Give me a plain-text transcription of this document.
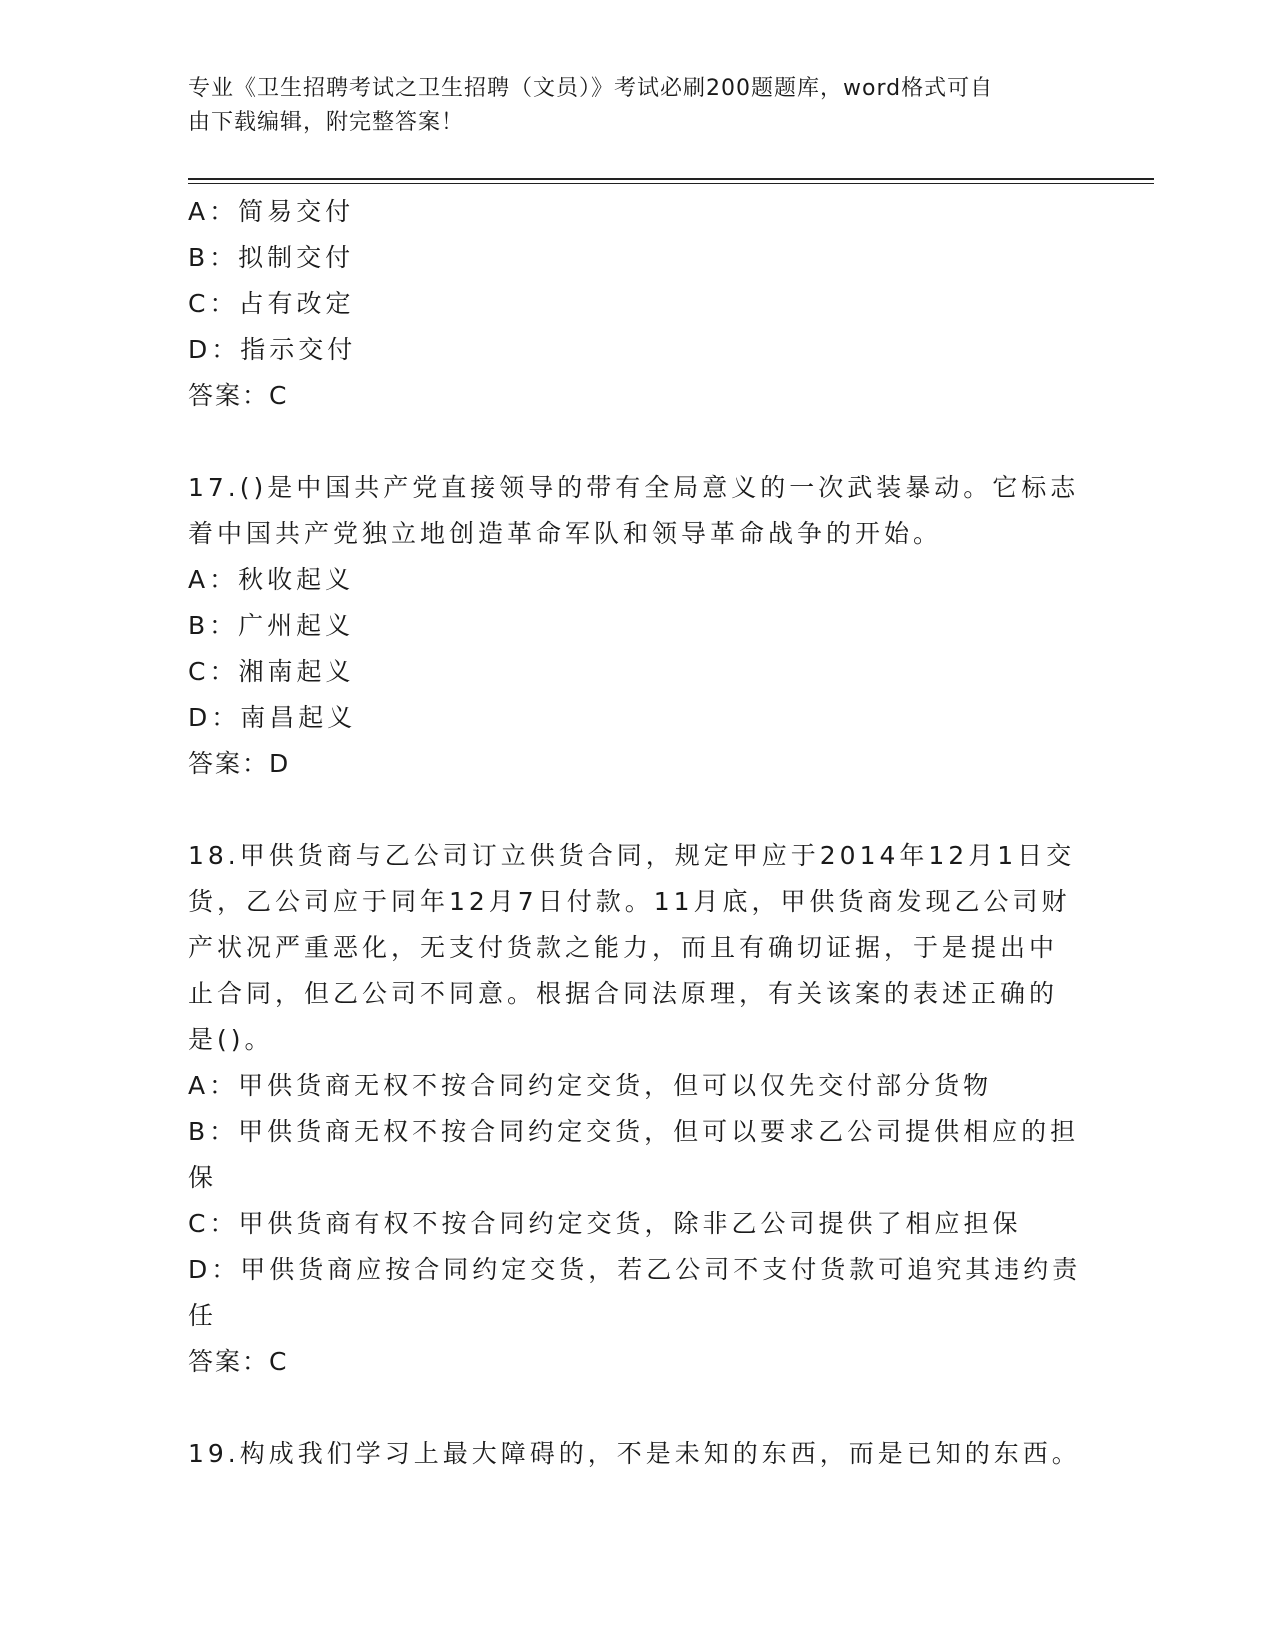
专业《卫生招聘考试之卫生招聘（文员）》考试必刷200题题库，word格式可自
由下载编辑，附完整答案！
A：简易交付
B：拟制交付
C：占有改定
D：指示交付
答案：C
17.()是中国共产党直接领导的带有全局意义的一次武装暴动。它标志
着中国共产党独立地创造革命军队和领导革命战争的开始。
A：秋收起义
B：广州起义
C：湘南起义
D：南昌起义
答案：D
18.甲供货商与乙公司订立供货合同，规定甲应于2014年12月1日交
货，乙公司应于同年12月7日付款。11月底，甲供货商发现乙公司财
产状况严重恶化，无支付货款之能力，而且有确切证据，于是提出中
止合同，但乙公司不同意。根据合同法原理，有关该案的表述正确的
是()。
A：甲供货商无权不按合同约定交货，但可以仅先交付部分货物
B：甲供货商无权不按合同约定交货，但可以要求乙公司提供相应的担
保
C：甲供货商有权不按合同约定交货，除非乙公司提供了相应担保
D：甲供货商应按合同约定交货，若乙公司不支付货款可追究其违约责
任
答案：C
19.构成我们学习上最大障碍的，不是未知的东西，而是已知的东西。
